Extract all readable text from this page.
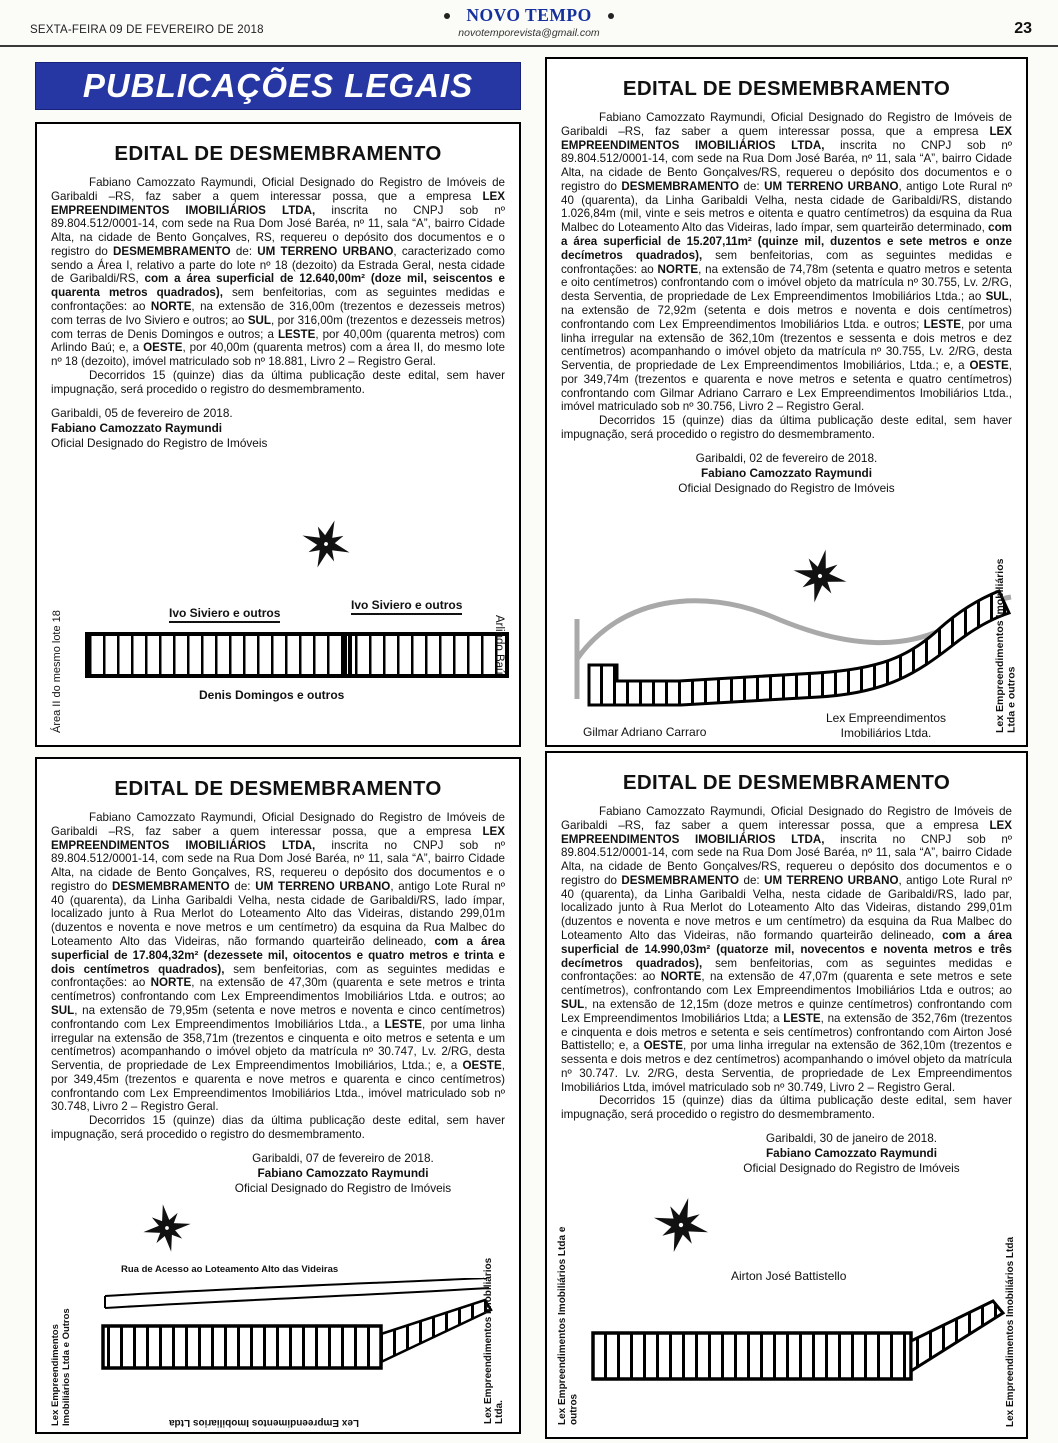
SEXTA-FEIRA 09 DE FEVEREIRO DE 2018
NOVO TEMPO
novotemporevista@gmail.com	23
PUBLICAÇÕES LEGAIS
EDITAL DE DESMEMBRAMENTO

Fabiano Camozzato Raymundi, Oficial Designado do Registro de Imóveis de Garibaldi –RS, faz saber a quem interessar possa, que a empresa LEX EMPREENDIMENTOS IMOBILIÁRIOS LTDA, inscrita no CNPJ sob nº 89.804.512/0001-14, com sede na Rua Dom José Baréa, nº 11, sala “A”, bairro Cidade Alta, na cidade de Bento Gonçalves, RS, requereu o depósito dos documentos e o registro do DESMEMBRAMENTO de: UM TERRENO URBANO, caracterizado como sendo a Área I, relativo a parte do lote nº 18 (dezoito) da Estrada Geral, nesta cidade de Garibaldi/RS, com a área superficial de 12.640,00m² (doze mil, seiscentos e quarenta metros quadrados), sem benfeitorias, com as seguintes medidas e confrontações: ao NORTE, na extensão de 316,00m (trezentos e dezesseis metros) com terras de Ivo Siviero e outros; ao SUL, por 316,00m (trezentos e dezesseis metros) com terras de Denis Domingos e outros; a LESTE, por 40,00m (quarenta metros) com Arlindo Baú; e, a OESTE, por 40,00m (quarenta metros) com a área II, do mesmo lote nº 18 (dezoito), imóvel matriculado sob nº 18.881, Livro 2 – Registro Geral.

Decorridos 15 (quinze) dias da última publicação deste edital, sem haver impugnação, será procedido o registro do desmembramento.

Garibaldi, 05 de fevereiro de 2018.
Fabiano Camozzato Raymundi
Oficial Designado do Registro de Imóveis
Área II do mesmo lote 18	Ivo Siviero e outros
Ivo Siviero e outros
Denis Domingos e outros
Arlindo Baú
EDITAL DE DESMEMBRAMENTO

Fabiano Camozzato Raymundi, Oficial Designado do Registro de Imóveis de Garibaldi –RS, faz saber a quem interessar possa, que a empresa LEX EMPREENDIMENTOS IMOBILIÁRIOS LTDA, inscrita no CNPJ sob nº 89.804.512/0001-14, com sede na Rua Dom José Baréa, nº 11, sala “A”, bairro Cidade Alta, na cidade de Bento Gonçalves/RS, requereu o depósito dos documentos e o registro do DESMEMBRAMENTO de: UM TERRENO URBANO, antigo Lote Rural nº 40 (quarenta), da Linha Garibaldi Velha, nesta cidade de Garibaldi/RS, distando 1.026,84m (mil, vinte e seis metros e oitenta e quatro centímetros) da esquina da Rua Malbec do Loteamento Alto das Videiras, lado ímpar, sem quarteirão determinado, com a área superficial de 15.207,11m² (quinze mil, duzentos e sete metros e onze decímetros quadrados), sem benfeitorias, com as seguintes medidas e confrontações: ao NORTE, na extensão de 74,78m (setenta e quatro metros e setenta e oito centímetros) confrontando com o imóvel objeto da matrícula nº 30.755, Lv. 2/RG, desta Serventia, de propriedade de Lex Empreendimentos Imobiliários Ltda.; ao SUL, na extensão de 72,92m (setenta e dois metros e noventa e dois centímetros) confrontando com Lex Empreendimentos Imobiliários Ltda. e outros; LESTE, por uma linha irregular na extensão de 362,10m (trezentos e sessenta e dois metros e dez centímetros) acompanhando o imóvel objeto da matrícula nº 30.755, Lv. 2/RG, desta Serventia, de propriedade de Lex Empreendimentos Imobiliários, Ltda.; e, a OESTE, por 349,74m (trezentos e quarenta e nove metros e setenta e quatro centímetros) confrontando com Gilmar Adriano Carraro e Lex Empreendimentos Imobiliários Ltda., imóvel matriculado sob nº 30.756, Livro 2 – Registro Geral.

Decorridos 15 (quinze) dias da última publicação deste edital, sem haver impugnação, será procedido o registro do desmembramento.

Garibaldi, 02 de fevereiro de 2018.
Fabiano Camozzato Raymundi
Oficial Designado do Registro de Imóveis
Gilmar Adriano Carraro
Lex Empreendimentos Imobiliários Ltda.	Lex Empreendimentos Imobiliários Ltda e outros
EDITAL DE DESMEMBRAMENTO

Fabiano Camozzato Raymundi, Oficial Designado do Registro de Imóveis de Garibaldi –RS, faz saber a quem interessar possa, que a empresa LEX EMPREENDIMENTOS IMOBILIÁRIOS LTDA, inscrita no CNPJ sob nº 89.804.512/0001-14, com sede na Rua Dom José Baréa, nº 11, sala “A”, bairro Cidade Alta, na cidade de Bento Gonçalves, RS, requereu o depósito dos documentos e o registro do DESMEMBRAMENTO de: UM TERRENO URBANO, antigo Lote Rural nº 40 (quarenta), da Linha Garibaldi Velha, nesta cidade de Garibaldi/RS, lado ímpar, localizado junto à Rua Merlot do Loteamento Alto das Videiras, distando 299,01m (duzentos e noventa e nove metros e um centímetro) da esquina da Rua Malbec do Loteamento Alto das Videiras, não formando quarteirão delineado, com a área superficial de 17.804,32m² (dezessete mil, oitocentos e quatro metros e trinta e dois centímetros quadrados), sem benfeitorias, com as seguintes medidas e confrontações: ao NORTE, na extensão de 47,30m (quarenta e sete metros e trinta centímetros) confrontando com Lex Empreendimentos Imobiliários Ltda. e outros; ao SUL, na extensão de 79,95m (setenta e nove metros e noventa e cinco centímetros) confrontando com Lex Empreendimentos Imobiliários Ltda., a LESTE, por uma linha irregular na extensão de 358,71m (trezentos e cinquenta e oito metros e setenta e um centímetros) acompanhando o imóvel objeto da matrícula nº 30.747, Lv. 2/RG, desta Serventia, de propriedade de Lex Empreendimentos Imobiliários, Ltda.; e, a OESTE, por 349,45m (trezentos e quarenta e nove metros e quarenta e cinco centímetros) confrontando com Lex Empreendimentos Imobiliários Ltda., imóvel matriculado sob nº 30.748, Livro 2 – Registro Geral.

Decorridos 15 (quinze) dias da última publicação deste edital, sem haver impugnação, será procedido o registro do desmembramento.

Garibaldi, 07 de fevereiro de 2018.
Fabiano Camozzato Raymundi
Oficial Designado do Registro de Imóveis
Rua de Acesso ao Loteamento Alto das Videiras
Lex Empreendimentos Imobiliários Ltda e Outros	Lex Empreendimentos Imobiliários Ltda.
Lex Empreendimentos Imobiliarios Ltda
EDITAL DE DESMEMBRAMENTO

Fabiano Camozzato Raymundi, Oficial Designado do Registro de Imóveis de Garibaldi –RS, faz saber a quem interessar possa, que a empresa LEX EMPREENDIMENTOS IMOBILIÁRIOS LTDA, inscrita no CNPJ sob nº 89.804.512/0001-14, com sede na Rua Dom José Baréa, nº 11, sala “A”, bairro Cidade Alta, na cidade de Bento Gonçalves/RS, requereu o depósito dos documentos e o registro do DESMEMBRAMENTO de: UM TERRENO URBANO, antigo Lote Rural nº 40 (quarenta), da Linha Garibaldi Velha, nesta cidade de Garibaldi/RS, lado par, localizado junto à Rua Merlot do Loteamento Alto das Videiras, distando 299,01m (duzentos e noventa e nove metros e um centímetro) da esquina da Rua Malbec do Loteamento Alto das Videiras, não formando quarteirão delineado, com a área superficial de 14.990,03m² (quatorze mil, novecentos e noventa metros e três decímetros quadrados), sem benfeitorias, com as seguintes medidas e confrontações: ao NORTE, na extensão de 47,07m (quarenta e sete metros e sete centímetros), confrontando com Lex Empreendimentos Imobiliários Ltda e outros; ao SUL, na extensão de 12,15m (doze metros e quinze centímetros) confrontando com Lex Empreendimentos Imobiliários Ltda; a LESTE, na extensão de 352,76m (trezentos e cinquenta e dois metros e setenta e seis centímetros) confrontando com Airton José Battistello; e, a OESTE, por uma linha irregular na extensão de 362,10m (trezentos e sessenta e dois metros e dez centímetros) acompanhando o imóvel objeto da matrícula nº 30.747. Lv. 2/RG, desta Serventia, de propriedade de Lex Empreendimentos Imobiliários Ltda, imóvel matriculado sob nº 30.749, Livro 2 – Registro Geral.

Decorridos 15 (quinze) dias da última publicação deste edital, sem haver impugnação, será procedido o registro do desmembramento.

Garibaldi, 30 de janeiro de 2018.
Fabiano Camozzato Raymundi
Oficial Designado do Registro de Imóveis
Airton José Battistello
Lex Empreendimentos Imobiliários Ltda e outros	Lex Empreendimentos Imobiliários Ltda
